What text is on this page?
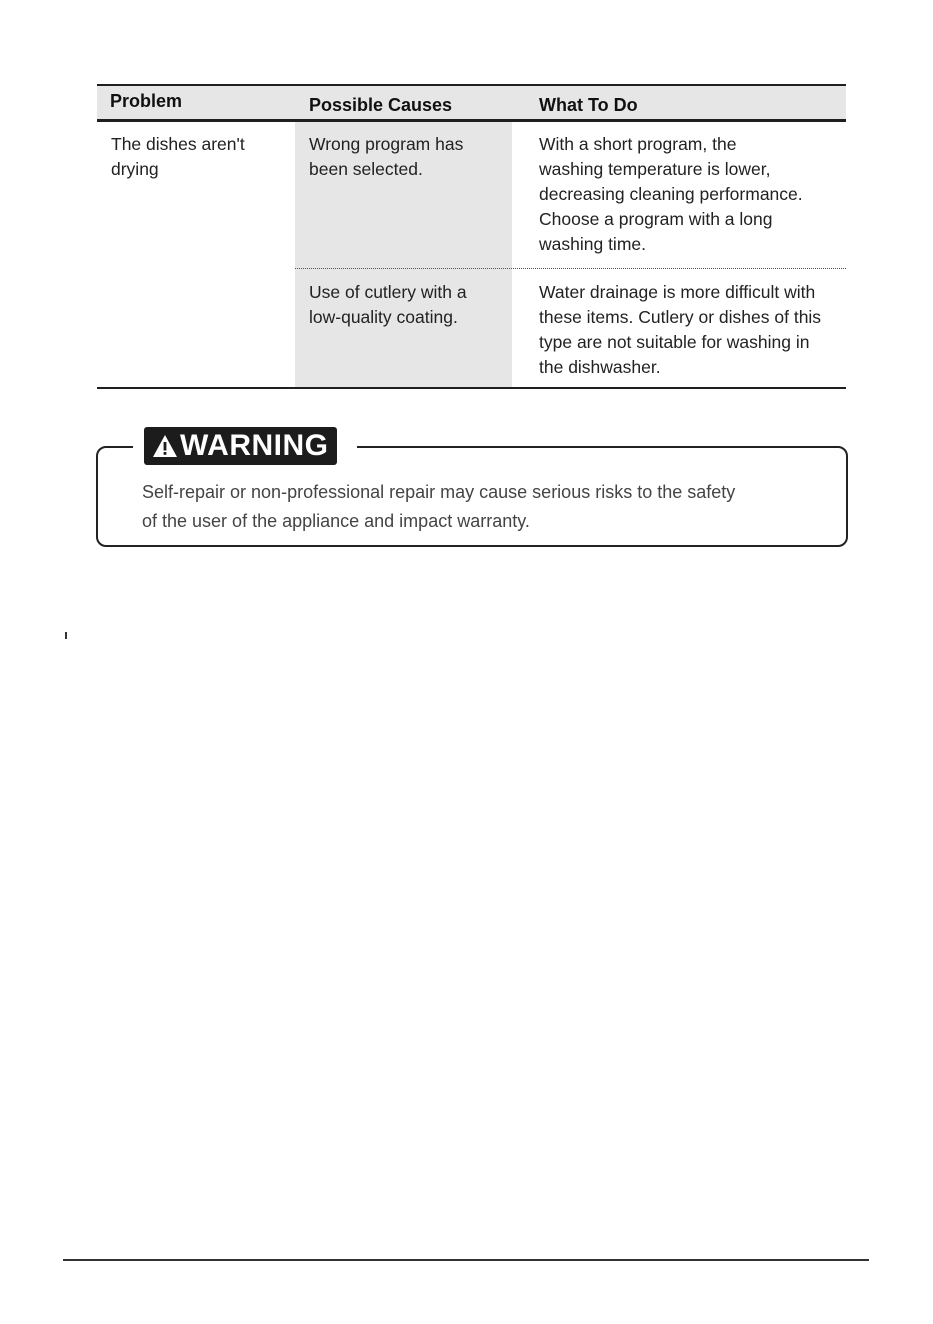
Problem	Possible Causes	What To Do
The dishes aren't
drying
Wrong program has
been selected.
With a short program, the
washing temperature is lower,
decreasing cleaning performance.
Choose a program with a long
washing time.
Use of cutlery with a
low-quality coating.
Water drainage is more difficult with
these items. Cutlery or dishes of this
type are not suitable for washing in
the dishwasher.
WARNING
Self-repair or non-professional repair may cause serious risks to the safety
of the user of the appliance and impact warranty.
